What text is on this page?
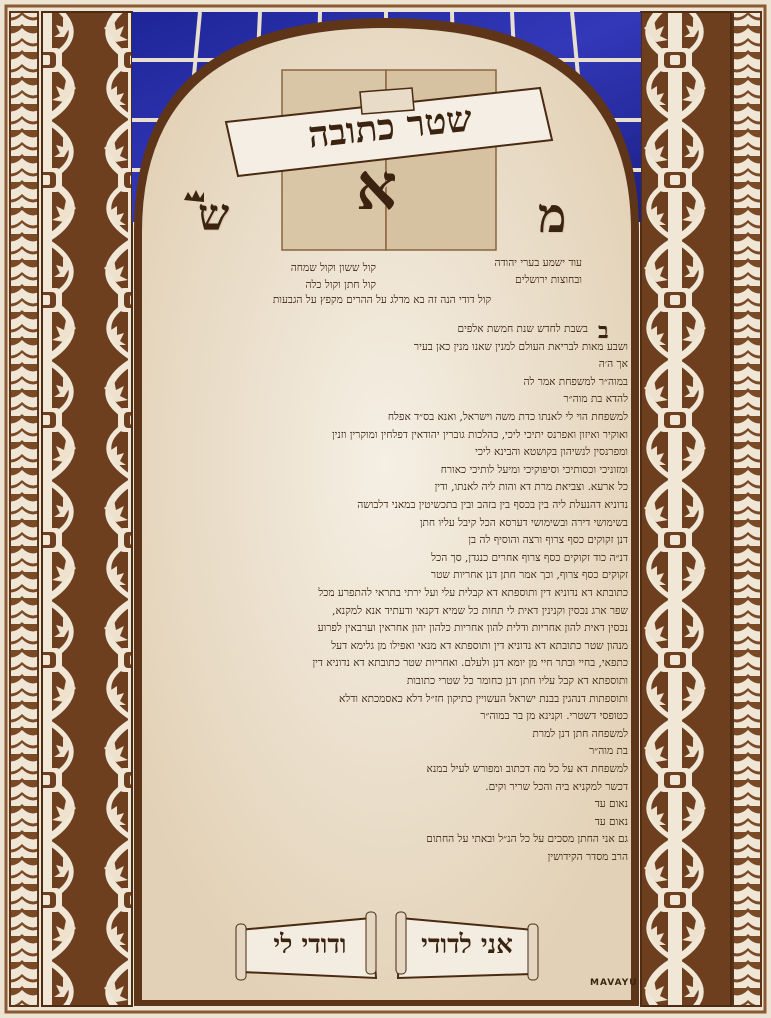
שטר כתובה
א
ש	מ
עוד ישמע בערי יהודה
קול ששון וקול שמחה
ובחוצות ירושלים
קול חתן וקול כלה
קול דודי הנה זה בא מדלג על ההרים מקפץ על הגבעות
ב
בשבת לחדש שנת חמשת אלפים
ושבע מאות לבריאת העולם למנין שאנו מנין כאן בעיר
אך ה׳ה
במוה״ר למשפחת אמר לה
להדא בת מוה״ר
למשפחת הוי לי לאנתו כדת משה וישראל, ואנא בס״ד אפלח
ואוקיר ואיזון ואפרנס יתיכי ליכי, כהלכות גוברין יהודאין דפלחין ומוקרין וזנין
ומפרנסין לנשיהון בקושטא והבינא ליכי
ומזוניכי וכסותיכי וסיפוקיכי ומיעל לותיכי כאורח
כל ארעא. וצביאת מרת דא והות ליה לאנתו, ודין
נדוניא דהנעלת ליה בין בכסף בין בזהב ובין בתכשיטין במאני דלבושה
בשימושי דירה ובשימושי דערסא הכל קיבל עליו חתן
דנן זקוקים כסף צרוף ורצה והוסיף לה בן
דנ״ה כוד זקוקים כסף צרוף אחרים כנגדן, סך הכל
זקוקים כסף צרוף, וכך אמר חתן דנן אחריות שטר
כתובתא דא נדוניא דין ותוספתא דא קבלית עלי ועל ירתי בתראי להתפרע מכל
שפר ארג נכסין וקנינין דאית לי תחות כל שמיא דקנאי ודעתיד אנא למקנא,
נכסין דאית להון אחריות ודלית להון אחריות כלהון יהון אחראין וערבאין לפרוע
מנהון שטר כתובתא דא נדוניא דין ותוספתא דא מנאי ואפילו מן גלימא דעל
כתפאי, בחיי ובתר חיי מן יומא דנן ולעלם. ואחריות שטר כתובתא דא נדוניא דין
ותוספתא דא קבל עליו חתן דנן כחומר כל שטרי כתובות
ותוספתות דנהגין בבנת ישראל העשויין כתיקון חז״ל דלא כאסמכתא ודלא
כטופסי דשטרי. וקנינא מן בר במוה״ר
למשפחה חתן דנן למרת
בת מוה״ר
למשפחת דא על כל מה דכתוב ומפורש לעיל במנא
דכשר למקניא ביה והכל שריר וקים.
נאום עד
נאום עד
גם אני החתן מסכים על כל הנ״ל ובאתי על החתום
הרב מסדר הקידושין
ודודי לי	אני לדודי
MAVAYU
